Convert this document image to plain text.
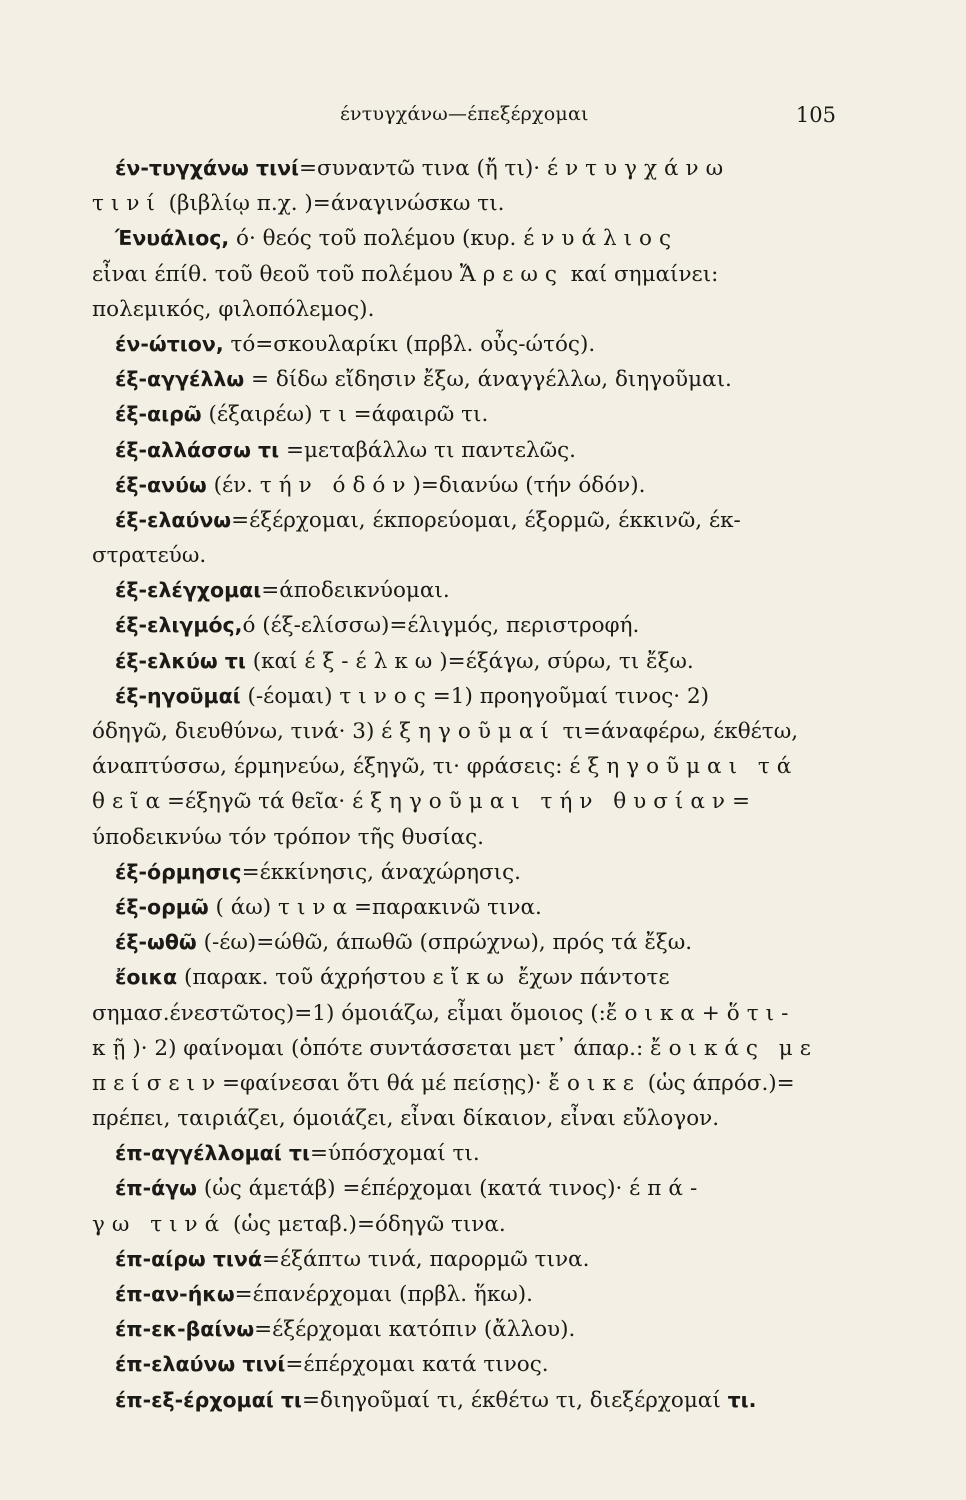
έντυγχάνω—έπεξέρχομαι	105
έν-τυγχάνω τινί=συναντῶ τινα (ἤ τι)· έντυγχάνω
τινί (βιβλίῳ π.χ. )=άναγινώσκω τι.
Ένυάλιος, ό· θεός τοῦ πολέμου (κυρ. ένυάλιος
εἶναι έπίθ. τοῦ θεοῦ τοῦ πολέμου Ἄρεως καί σημαίνει:
πολεμικός, φιλοπόλεμος).
έν-ώτιον, τό=σκουλαρίκι (πρβλ. οὖς-ώτός).
έξ-αγγέλλω = δίδω εἴδησιν ἔξω, άναγγέλλω, διηγοῦμαι.
έξ-αιρῶ (έξαιρέω) τι=άφαιρῶ τι.
έξ-αλλάσσω τι =μεταβάλλω τι παντελῶς.
έξ-ανύω (έν. τήν όδόν)=διανύω (τήν όδόν).
έξ-ελαύνω=έξέρχομαι, έκπορεύομαι, έξορμῶ, έκκινῶ, έκ-
στρατεύω.
έξ-ελέγχομαι=άποδεικνύομαι.
έξ-ελιγμός,ό (έξ-ελίσσω)=έλιγμός, περιστροφή.
έξ-ελκύω τι (καί έξ-έλκω)=έξάγω, σύρω, τι ἔξω.
έξ-ηγοῦμαί (-έομαι) τινος=1) προηγοῦμαί τινος· 2)
όδηγῶ, διευθύνω, τινά· 3) έξηγοῦμαί τι=άναφέρω, έκθέτω,
άναπτύσσω, έρμηνεύω, έξηγῶ, τι· φράσεις: έξηγοῦμαι τά
θεῖα=έξηγῶ τά θεῖα· έξηγοῦμαι τήν θυσίαν=
ύποδεικνύω τόν τρόπον τῆς θυσίας.
έξ-όρμησις=έκκίνησις, άναχώρησις.
έξ-ορμῶ ( άω) τινα=παρακινῶ τινα.
έξ-ωθῶ (-έω)=ώθῶ, άπωθῶ (σπρώχνω), πρός τά ἔξω.
ἔοικα (παρακ. τοῦ άχρήστου εἴκω ἔχων πάντοτε
σημασ.ένεστῶτος)=1) όμοιάζω, εἶμαι ὅμοιος (:ἔοικα+ὅτι-
κῇ)· 2) φαίνομαι (ὁπότε συντάσσεται μετ᾽ άπαρ.: ἔοικάς με
πείσειν=φαίνεσαι ὅτι θά μέ πείσῃς)· ἔοικε (ὡς άπρόσ.)=
πρέπει, ταιριάζει, όμοιάζει, εἶναι δίκαιον, εἶναι εὔλογον.
έπ-αγγέλλομαί τι=ύπόσχομαί τι.
έπ-άγω (ὡς άμετάβ) =έπέρχομαι (κατά τινος)· έπά-
γω τινά (ὡς μεταβ.)=όδηγῶ τινα.
έπ-αίρω τινά=έξάπτω τινά, παρορμῶ τινα.
έπ-αν-ήκω=έπανέρχομαι (πρβλ. ἥκω).
έπ-εκ-βαίνω=έξέρχομαι κατόπιν (ἄλλου).
έπ-ελαύνω τινί=έπέρχομαι κατά τινος.
έπ-εξ-έρχομαί τι=διηγοῦμαί τι, έκθέτω τι, διεξέρχομαί τι.
